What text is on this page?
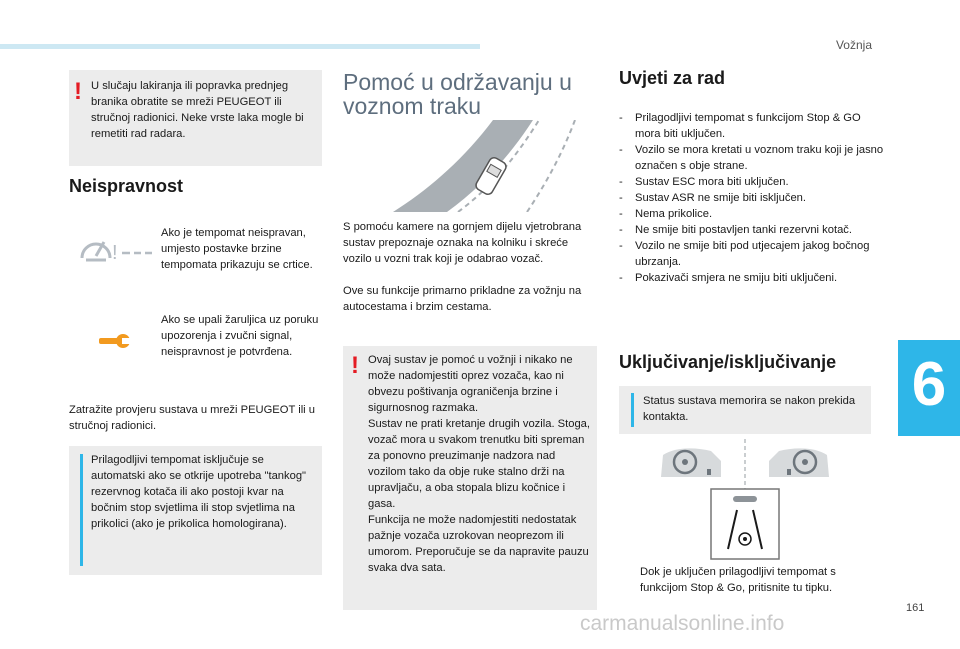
Vožnja
6
161
! U slučaju lakiranja ili popravka prednjeg branika obratite se mreži PEUGEOT ili stručnoj radionici. Neke vrste laka mogle bi remetiti rad radara.
Neispravnost
!
Ako je tempomat neispravan, umjesto postavke brzine tempomata prikazuju se crtice.
Ako se upali žaruljica uz poruku upozorenja i zvučni signal, neispravnost je potvrđena.
Zatražite provjeru sustava u mreži PEUGEOT ili u stručnoj radionici.
Prilagodljivi tempomat isključuje se automatski ako se otkrije upotreba "tankog" rezervnog kotača ili ako postoji kvar na bočnim stop svjetlima ili stop svjetlima na prikolici (ako je prikolica homologirana).
Pomoć u održavanju u
voznom traku
S pomoću kamere na gornjem dijelu vjetrobrana sustav prepoznaje oznaka na kolniku i skreće vozilo u vozni trak koji je odabrao vozač.
Ove su funkcije primarno prikladne za vožnju na autocestama i brzim cestama.
! Ovaj sustav je pomoć u vožnji i nikako ne može nadomjestiti oprez vozača, kao ni obvezu poštivanja ograničenja brzine i sigurnosnog razmaka.
Sustav ne prati kretanje drugih vozila. Stoga, vozač mora u svakom trenutku biti spreman za ponovno preuzimanje nadzora nad vozilom tako da obje ruke stalno drži na upravljaču, a oba stopala blizu kočnice i gasa.
Funkcija ne može nadomjestiti nedostatak pažnje vozača uzrokovan neoprezom ili umorom. Preporučuje se da napravite pauzu svaka dva sata.
Uvjeti za rad
- Prilagodljivi tempomat s funkcijom Stop & GO mora biti uključen.
- Vozilo se mora kretati u voznom traku koji je jasno označen s obje strane.
- Sustav ESC mora biti uključen.
- Sustav ASR ne smije biti isključen.
- Nema prikolice.
- Ne smije biti postavljen tanki rezervni kotač.
- Vozilo ne smije biti pod utjecajem jakog bočnog ubrzanja.
- Pokazivači smjera ne smiju biti uključeni.
Uključivanje/isključivanje
Status sustava memorira se nakon prekida kontakta.
Dok je uključen prilagodljivi tempomat s funkcijom Stop & Go, pritisnite tu tipku.
carmanualsonline.info
